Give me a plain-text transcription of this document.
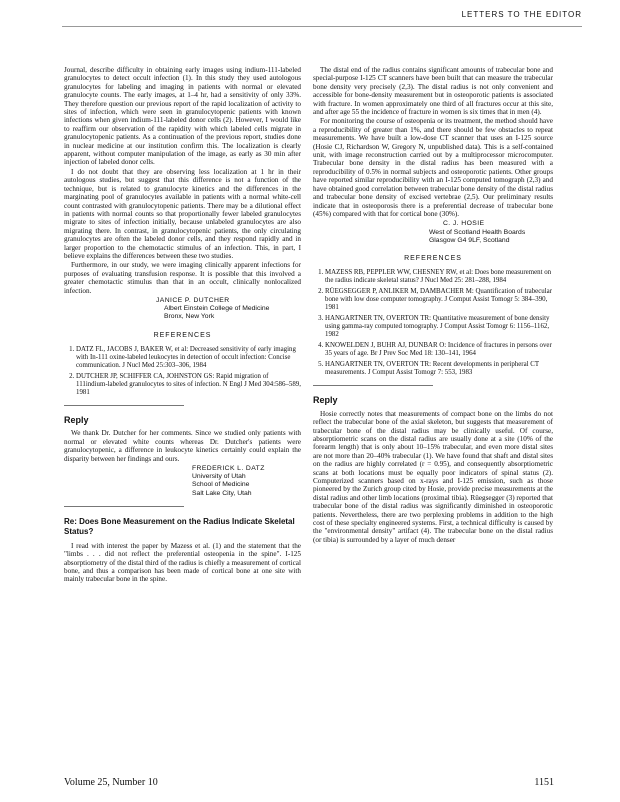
LETTERS TO THE EDITOR

Journal, describe difficulty in obtaining early images using indium-111-labeled granulocytes to detect occult infection (1). In this study they used autologous granulocytes for labeling and imaging in patients with normal or elevated granulocyte counts. The early images, at 1–4 hr, had a sensitivity of only 33%. They therefore question our previous report of the rapid localization of activity to sites of infection, which were seen in granulocytopenic patients with known infections when given indium-111-labeled donor cells (2). However, I would like to reaffirm our observation of the rapidity with which labeled cells migrate in granulocytopenic patients. As a continuation of the previous report, studies done in nuclear medicine at our institution confirm this. The localization is clearly apparent, without computer manipulation of the image, as early as 30 min after injection of labeled donor cells.

I do not doubt that they are observing less localization at 1 hr in their autologous studies, but suggest that this difference is not a function of the technique, but is related to granulocyte kinetics and the differences in the marginating pool of granulocytes available in patients with a normal white-cell count contrasted with granulocytopenic patients. There may be a dilutional effect in patients with normal counts so that proportionally fewer labeled granulocytes migrate to sites of infection initially, because unlabeled granulocytes are also migrating there. In contrast, in granulocytopenic patients, the only circulating granulocytes are often the labeled donor cells, and they respond rapidly and in larger proportion to the chemotactic stimulus of an infection. This, in part, I believe explains the differences between these two studies.

Furthermore, in our study, we were imaging clinically apparent infections for purposes of evaluating transfusion response. It is possible that this involved a greater chemotactic stimulus than that in an occult, clinically nonlocalized infection.

JANICE P. DUTCHER
Albert Einstein College of Medicine
Bronx, New York
REFERENCES
1. DATZ FL, JACOBS J, BAKER W, et al: Decreased sensitivity of early imaging with In-111 oxine-labeled leukocytes in detection of occult infection: Concise communication. J Nucl Med 25:303–306, 1984
2. DUTCHER JP, SCHIFFER CA, JOHNSTON GS: Rapid migration of 111indium-labeled granulocytes to sites of infection. N Engl J Med 304:586–589, 1981
Reply

We thank Dr. Dutcher for her comments. Since we studied only patients with normal or elevated white counts whereas Dr. Dutcher's patients were granulocytopenic, a difference in leukocyte kinetics certainly could explain the disparity between her findings and ours.

FREDERICK L. DATZ
University of Utah
School of Medicine
Salt Lake City, Utah
Re: Does Bone Measurement on the Radius Indicate Skeletal Status?

I read with interest the paper by Mazess et al. (1) and the statement that the "limbs . . . did not reflect the preferential osteopenia in the spine". I-125 absorptiometry of the distal third of the radius is chiefly a measurement of cortical bone, and thus a comparison has been made of cortical bone at one site with mainly trabecular bone in the spine.

The distal end of the radius contains significant amounts of trabecular bone and special-purpose I-125 CT scanners have been built that can measure the trabecular bone density very precisely (2,3). The distal radius is not only convenient and accessible for bone-density measurement but in osteoporotic patients is associated with fracture. In women approximately one third of all fractures occur at this site, and after age 55 the incidence of fracture in women is six times that in men (4).

For monitoring the course of osteopenia or its treatment, the method should have a reproducibility of greater than 1%, and there should be few obstacles to repeat measurements. We have built a low-dose CT scanner that uses an I-125 source (Hosie CJ, Richardson W, Gregory N, unpublished data). This is a self-contained unit, with image reconstruction carried out by a multiprocessor microcomputer. Trabecular bone density in the distal radius has been measured with a reproducibility of 0.5% in normal subjects and osteoporotic patients. Other groups have reported similar reproducibility with an I-125 computed tomograph (2,3) and have obtained good correlation between trabecular bone density of the distal radius and trabecular bone density of excised vertebrae (2,5). Our preliminary results indicate that in osteoporosis there is a preferential decrease of trabecular bone (45%) compared with that for cortical bone (30%).

C. J. HOSIE
West of Scotland Health Boards
Glasgow G4 9LF, Scotland
REFERENCES
1. MAZESS RB, PEPPLER WW, CHESNEY RW, et al: Does bone measurement on the radius indicate skeletal status? J Nucl Med 25: 281–288, 1984
2. RÜEGSEGGER P, ANLIKER M, DAMBACHER M: Quantification of trabecular bone with low dose computer tomography. J Comput Assist Tomogr 5: 384–390, 1981
3. HANGARTNER TN, OVERTON TR: Quantitative measurement of bone density using gamma-ray computed tomography. J Comput Assist Tomogr 6: 1156–1162, 1982
4. KNOWELDEN J, BUHR AJ, DUNBAR O: Incidence of fractures in persons over 35 years of age. Br J Prev Soc Med 18: 130–141, 1964
5. HANGARTNER TN, OVERTON TR: Recent developments in peripheral CT measurements. J Comput Assist Tomogr 7: 553, 1983
Reply

Hosie correctly notes that measurements of compact bone on the limbs do not reflect the trabecular bone of the axial skeleton, but suggests that measurement of trabecular bone of the distal radius may be clinically useful. Of course, absorptiometric scans on the distal radius are usually done at a site (10% of the forearm length) that is only about 10–15% trabecular, and even more distal sites are not more than 20–40% trabecular (1). We have found that shaft and distal sites on the radius are highly correlated (r = 0.95), and consequently absorptiometric scans at both locations must be equally poor indicators of spinal status (2). Computerized scanners based on x-rays and I-125 emission, such as those pioneered by the Zurich group cited by Hosie, provide precise measurements at the distal radius and other limb locations (proximal tibia). Rüegsegger (3) reported that trabecular bone of the distal radius was significantly diminished in osteoporotic patients. Nevertheless, there are two perplexing problems in addition to the high cost of these specialty engineered systems. First, a technical difficulty is caused by the "environmental density" artifact (4). The trabecular bone on the distal radius (or tibia) is surrounded by a layer of much denser

Volume 25, Number 10	1151
